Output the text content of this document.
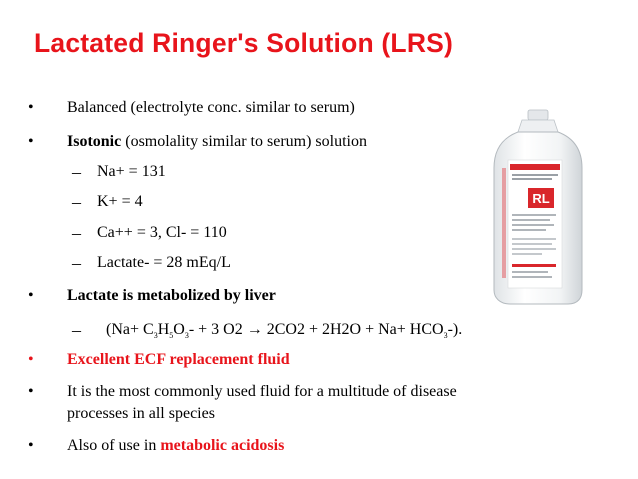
Lactated Ringer's Solution (LRS)
• Balanced (electrolyte conc. similar to serum)
• Isotonic (osmolality similar to serum) solution
– Na+ = 131
– K+ = 4
– Ca++ = 3, Cl- = 110
– Lactate- = 28 mEq/L
• Lactate is metabolized by liver
– ($Na+ C_3H_5O_3- + 3$ $O2 \to 2CO2 + 2H2O + Na+ HCO_3-$).
• Excellent ECF replacement fluid
• It is the most commonly used fluid for a multitude of disease
processes in all species
• Also of use in metabolic acidosis
RL
